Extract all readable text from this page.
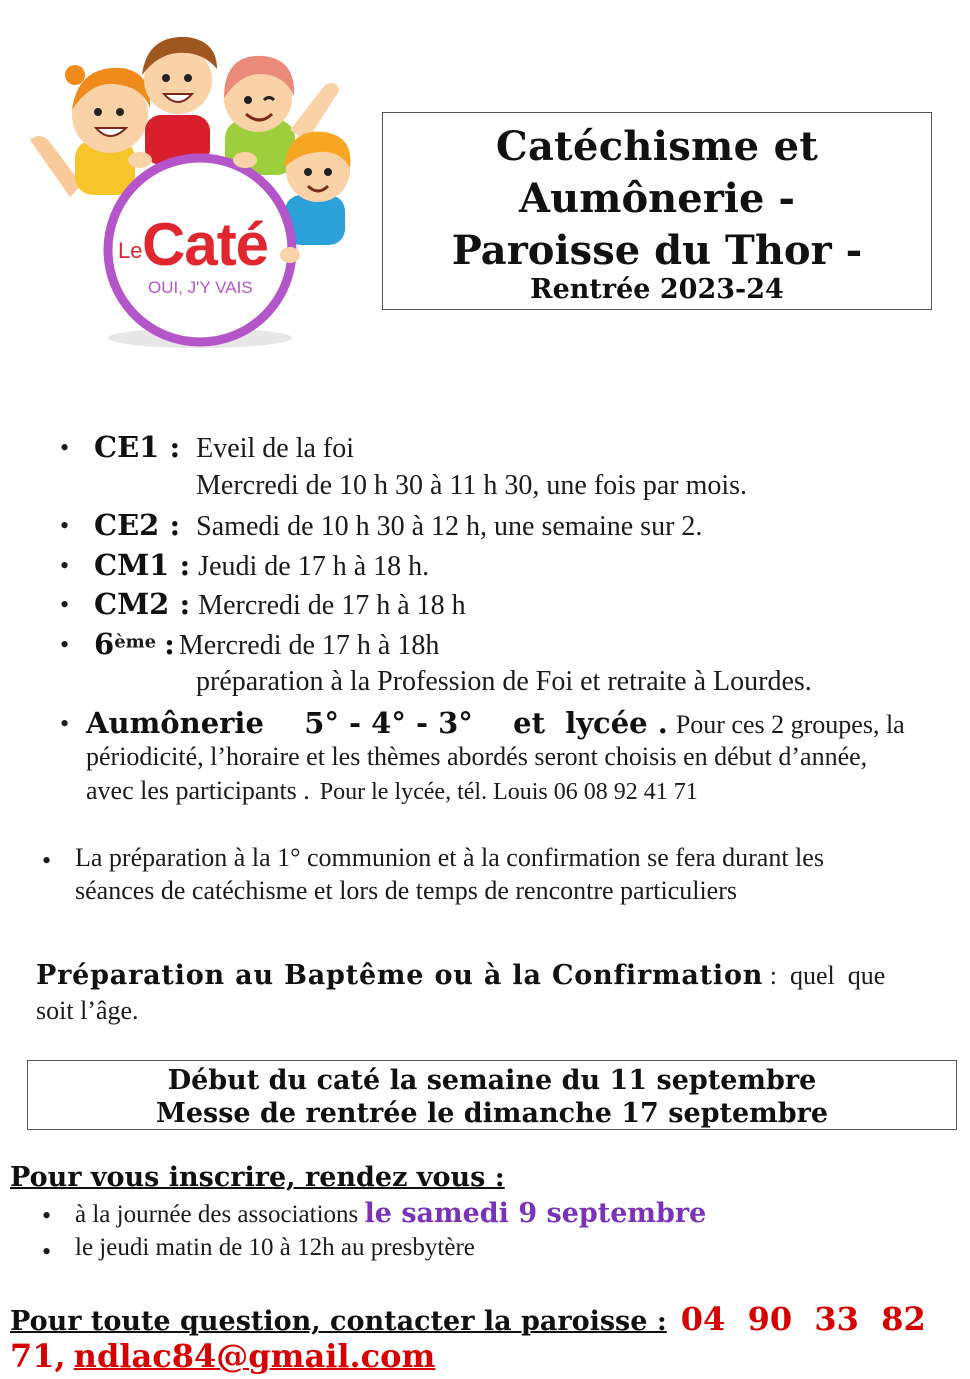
Le Caté
OUI, J'Y VAIS
Catéchisme et
Aumônerie -
Paroisse du Thor -
Rentrée 2023-24
• CE1 : Eveil de la foi
Mercredi de 10 h 30 à 11 h 30, une fois par mois.
• CE2 : Samedi de 10 h 30 à 12 h, une semaine sur 2.
• CM1 : Jeudi de 17 h à 18 h.
• CM2 : Mercredi de 17 h à 18 h
• 6ème : Mercredi de 17 h à 18h
préparation à la Profession de Foi et retraite à Lourdes.
• Aumônerie    5° - 4° - 3°    et  lycée . Pour ces 2 groupes, la
périodicité, l’horaire et les thèmes abordés seront choisis en début d’année,
avec les participants . Pour le lycée, tél. Louis 06 08 92 41 71
• La préparation à la 1° communion et à la confirmation se fera durant les
séances de catéchisme et lors de temps de rencontre particuliers
Préparation au Baptême ou à la Confirmation :  quel  que
soit l’âge.
Début du caté la semaine du 11 septembre
Messe de rentrée le dimanche 17 septembre
Pour vous inscrire, rendez vous :
• à la journée des associations le samedi 9 septembre
• le jeudi matin de 10 à 12h au presbytère
Pour toute question, contacter la paroisse : 04  90  33  82
71, ndlac84@gmail.com
